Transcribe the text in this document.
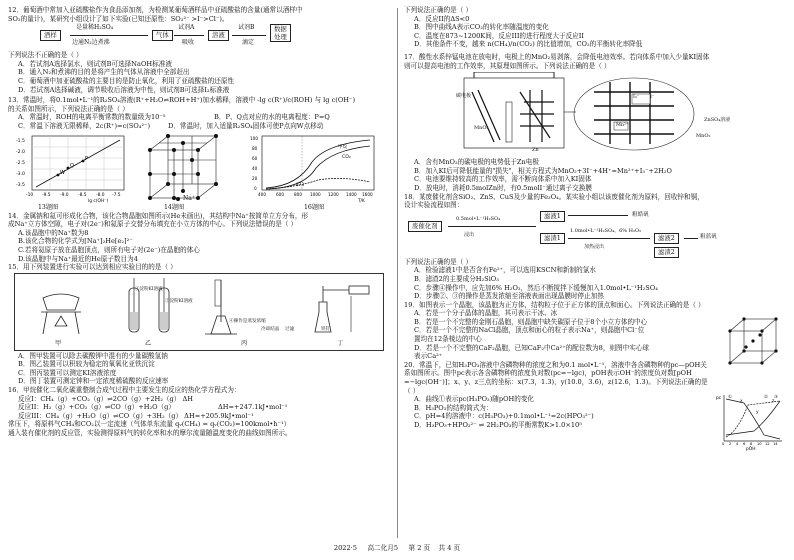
12．葡萄酒中常加入亚硫酸盐作为食品添加剂，为检测某葡萄酒样品中亚硫酸盐的含量(通常以酒样中

SO₂的量计)，某研究小组设计了如下实验(已知还原性：SO₃²⁻ >I⁻>Cl⁻)。

酒样
是量稀H₂SO₄
边通N₂边煮沸
气体
试剂A
吸收
溶液
试剂B
滴定
数据
处理

下列说法不正确的是（ ）

A．若试剂A选择氯水，则试剂B可选择NaOH标准液

B．通入N₂和煮沸的目的是将产生的气体从溶液中全部赶出

C．葡萄酒中加亚硫酸盐的主要目的是防止氧化，利用了亚硫酸盐的还原性

D．若试剂A选择碱液，调节吸收后溶液为中性，则试剂B可选择I₂标准液

13．常温时，将0.1mol•L⁻¹的R₂SO₄溶液(R⁺+H₂O⇌ROH+H⁺)加水稀释，溶液中 -lg c(R⁺)/c(ROH) 与 lg c(OH⁻)

的关系如图所示，下列说法正确的是（ ）

A．常温时，ROH的电离平衡常数的数量级为10⁻⁵	B．P、Q点对应的水的电离程度：P=Q

C．常温下溶液无限稀释，2c(R⁺)=c(SO₄²⁻)	D．常温时，加入适量R₂SO₄固体可使P点向W点移动

W
P
Q
-1.5
-2.0
-2.5
-3.0
-3.5
-10 -9.5 -9.0 -8.5 -8.0 -7.5
lg c(OH⁻)

13题图

Na⁺

14题图

甲烷
CO₂
873
400 600 800 1000 1200 1400 1600
T/K
100
80
60
40
20
0

16题图

14．金属钠和氦可形成化合物，该化合物晶胞如图所示(He未画出)，其结构中Na⁺按简单立方分布，形

成Na⁺立方体空隙，电子对(2e⁻)和氦原子交替分布填充在小立方体的中心。下列说法错误的是（ ）

A.该晶胞中的Na⁺数为8

B.该化合物的化学式为[Na⁺]₂He[e₂]²⁻

C.若将氦原子放在晶胞顶点，则所有电子对(2e⁻)在晶胞的体心

D.该晶胞中与Na⁺最近的He原子数目为4

15．用下列装置进行实验可以达到相应实验目的的是（ ）

甲

①淀粉KI溶液

②淀粉KI溶液

乙

④操作是蒸发浓缩

冷却结晶 过滤

丙

铁钉

丁

A．图甲装置可以除去碳酸钾中混有的少量碳酸氢钠

B．图乙装置可以积较为稳定的氧氧化亚铁沉淀

C．图丙装置可以测定KI溶液浓度

D．图丁装置可测定钟和一定浓度稀硫酸的反应速率

16．甲烷催化二氧化碳重整制合成气过程中主要发生的反应的热化学方程式为：

反应I：CH₄（g）+CO₂（g）⇌2CO（g）+2H₂（g） ΔH

反应II：H₂（g）+CO₂（g）⇌CO（g）+H₂O（g）	ΔH=+247.1kJ•mol⁻¹

反应III：CH₄（g）+H₂O（g）⇌CO（g）+3H₂（g） ΔH=+205.9kJ•mol⁻¹

常压下，将原料气CH₄和CO₂以一定流速（气体单东流量 qᵥ(CH₄) = qᵥ(CO₂)=100kmol•h⁻¹）

通入装有催化剂的反应管，实验测得原料气的转化率和水的摩尔流量随温度变化的曲线如图所示。

下列说法正确的是（ ）

A．反应II的ΔS<0

B．图中曲线A表示CO₂的转化率随温度的变化

C．温度在873~1200K间，反应III的进行程度大于反应II

D．其他条件不变，越来 n(CH₄)/n(CO₂) 的比值增加，CO₂的平衡转化率降低

17．酸性水系锌锰电池在放电时，电极上的MnO₂易剥落，会降低电池效率。若向体系中加入少量KI固体

则可以提高电池的工作效率，其原理如图所示。下列说法正确的是（ ）

碳电极

MnO₂

Zn

I₃⁻ I⁻

Mn²⁺

ZnSO₄溶液

MnO₂

A．含有MnO₂的碳电极的电势低于Zn电极

B．加入KI后可降低能量的"损失"，相关方程式为MnO₂+3I⁻+4H⁺=Mn²⁺+I₃⁻+2H₂O

C．电池要维持较高的工作效率，需不断向体系中加入KI固体

D．放电时，消耗0.5molZn时，有0.5molI⁻通过离子交换膜

18．某废催化剂含SiO₂、ZnS、CuS及少量的Fe₃O₄。某实验小组以该废催化剂为原料，回收锌和铜，

设计实验流程如图：

废催化剂
0.5mol•L⁻¹H₂SO₄
浸出
滤液1	粗皓矾
滤渣1
1.0mol•L⁻¹H₂SO₄、6% H₂O₂
加热浸出
滤液2	粗蓝矾
滤渣2

下列说法正确的是（ ）

A．检验滤液1中是否含有Fe²⁺，可以选用KSCN和新制的氯水

B．滤渣2的主要成分H₂SiO₃

C．步骤④操作中，应先加6% H₂O₂，然后不断搅拌下缓慢加入1.0mol•L⁻¹H₂SO₄

D．步骤②、③的操作是蒸发浓缩至溶液表面出现晶膜时停止加热

19．如图表示一个晶胞，该晶胞为正方体，结构粒子位于正方体的顶点和面心。下列说法正确的是（ ）

A．若是一个分子晶体的晶胞，其可表示干冰、冰

B．若是一个不完整的金刚石晶胞，则晶胞中缺失碳原子位于8个小立方体的中心

C．若是一个不完整的NaCl晶胞，顶点和面心的粒子表示Na⁺，则晶胞中Cl⁻位

置均在12条棱边的中心

D．若是一个不完整的CaF₂晶胞，已知CaF₂中Ca²⁺的配位数为8，则图中实心球

表示Ca²⁺

20．常温下，已知H₃PO₃溶液中含磷物种的浓度之和为0.1 mol•L⁻¹，溶液中各含磷物种的pc—pOH关

系如图所示。图中pc表示各含磷物种的浓度负对数(pc=−lgc)，pOH表示OH⁻的浓度负对数[pOH

=−lgc(OH⁻)]；x、y、z三点的坐标：x(7.3，1.3)，y(10.0，3.6)，z(12.6，1.3)。下列说法正确的是

（ ）

A．曲线①表示pc(H₃PO₃)随pOH的变化

B．H₃PO₃的结构简式为：

C．pH=4的溶液中：c(H₃PO₃)+0.1mol•L⁻¹=2c(HPO₃²⁻)

D．H₃PO₃+HPO₃²⁻ ⇌ 2H₂PO₃的平衡常数K>1.0×10⁵

pc
pOH
x
y
z
①	② ③
0 2 4 6 8 10 12 14
2022·5 高二化月5 第 2 页 共 4 页
